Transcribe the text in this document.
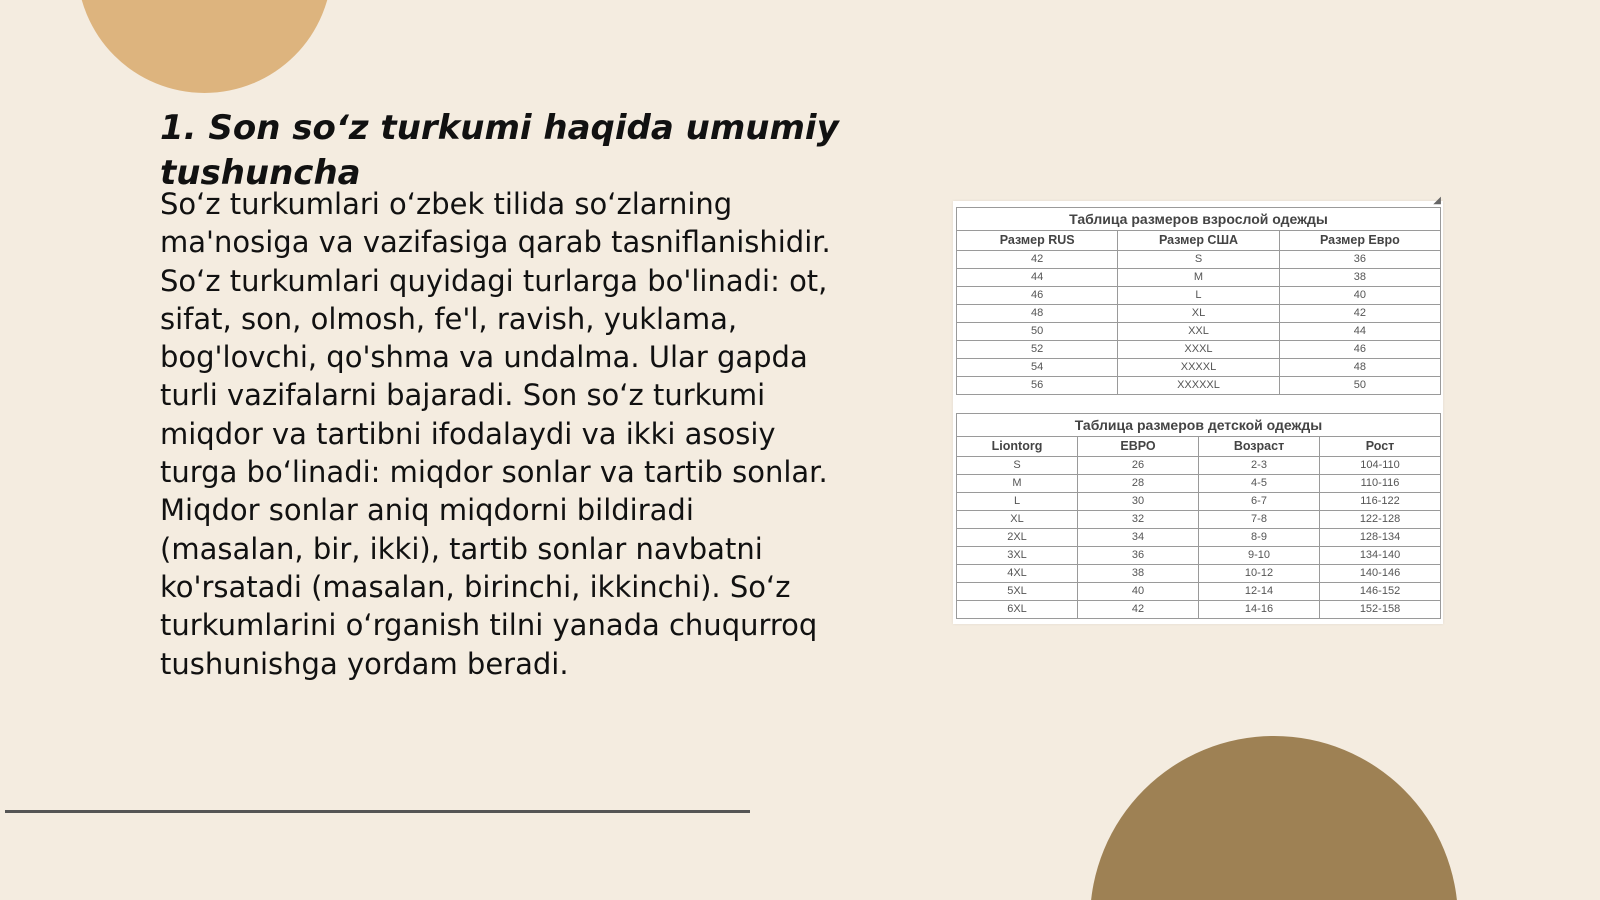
1. Son so‘z turkumi haqida umumiy tushuncha

So‘z turkumlari o‘zbek tilida so‘zlarning ma'nosiga va vazifasiga qarab tasniflanishidir. So‘z turkumlari quyidagi turlarga bo'linadi: ot, sifat, son, olmosh, fe'l, ravish, yuklama, bog'lovchi, qo'shma va undalma. Ular gapda turli vazifalarni bajaradi. Son so‘z turkumi miqdor va tartibni ifodalaydi va ikki asosiy turga bo‘linadi: miqdor sonlar va tartib sonlar. Miqdor sonlar aniq miqdorni bildiradi (masalan, bir, ikki), tartib sonlar navbatni ko'rsatadi (masalan, birinchi, ikkinchi). So‘z turkumlarini o‘rganish tilni yanada chuqurroq tushunishga yordam beradi.

◢
Таблица размеров взрослой одежды
Размер RUS	Размер США	Размер Евро
42	S	36
44	M	38
46	L	40
48	XL	42
50	XXL	44
52	XXXL	46
54	XXXXL	48
56	XXXXXL	50
Таблица размеров детской одежды
Liontorg	ЕВРО	Возраст	Рост
S	26	2-3	104-110
M	28	4-5	110-116
L	30	6-7	116-122
XL	32	7-8	122-128
2XL	34	8-9	128-134
3XL	36	9-10	134-140
4XL	38	10-12	140-146
5XL	40	12-14	146-152
6XL	42	14-16	152-158
